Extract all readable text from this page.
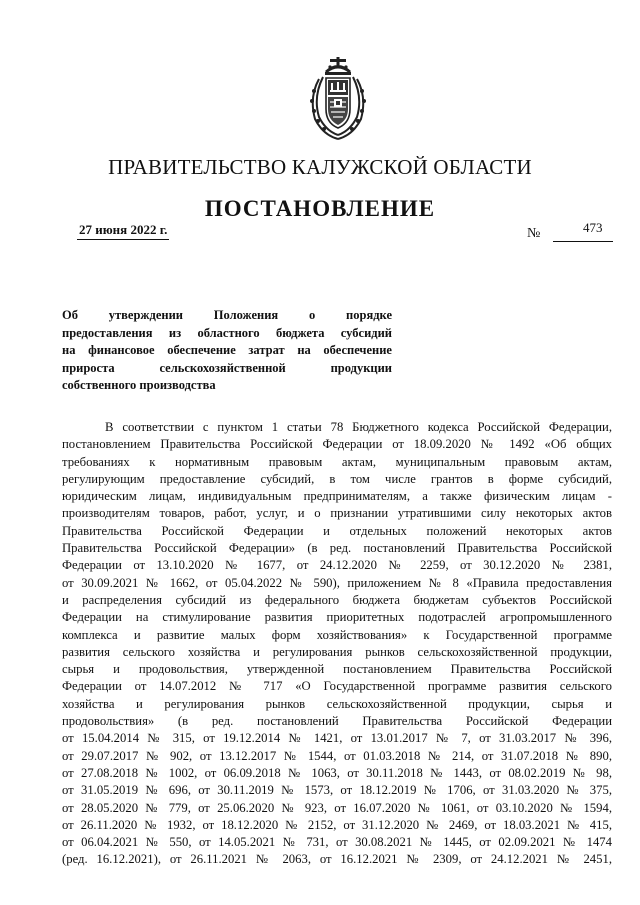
ПРАВИТЕЛЬСТВО КАЛУЖСКОЙ ОБЛАСТИ
ПОСТАНОВЛЕНИЕ
27 июня 2022 г.	№	473
Об утверждении Положения о порядке
предоставления из областного бюджета субсидий
на финансовое обеспечение затрат на обеспечение
прироста сельскохозяйственной продукции
собственного производства
В соответствии с пунктом 1 статьи 78 Бюджетного кодекса Российской Федерации,
постановлением Правительства Российской Федерации от 18.09.2020 № 1492 «Об общих
требованиях к нормативным правовым актам, муниципальным правовым актам,
регулирующим предоставление субсидий, в том числе грантов в форме субсидий,
юридическим лицам, индивидуальным предпринимателям, а также физическим лицам -
производителям товаров, работ, услуг, и о признании утратившими силу некоторых актов
Правительства Российской Федерации и отдельных положений некоторых актов
Правительства Российской Федерации» (в ред. постановлений Правительства Российской
Федерации от 13.10.2020 № 1677, от 24.12.2020 № 2259, от 30.12.2020 № 2381,
от 30.09.2021 № 1662, от 05.04.2022 № 590), приложением № 8 «Правила предоставления
и распределения субсидий из федерального бюджета бюджетам субъектов Российской
Федерации на стимулирование развития приоритетных подотраслей агропромышленного
комплекса и развитие малых форм хозяйствования» к Государственной программе
развития сельского хозяйства и регулирования рынков сельскохозяйственной продукции,
сырья и продовольствия, утвержденной постановлением Правительства Российской
Федерации от 14.07.2012 № 717 «О Государственной программе развития сельского
хозяйства и регулирования рынков сельскохозяйственной продукции, сырья и
продовольствия» (в ред. постановлений Правительства Российской Федерации
от 15.04.2014 № 315, от 19.12.2014 № 1421, от 13.01.2017 № 7, от 31.03.2017 № 396,
от 29.07.2017 № 902, от 13.12.2017 № 1544, от 01.03.2018 № 214, от 31.07.2018 № 890,
от 27.08.2018 № 1002, от 06.09.2018 № 1063, от 30.11.2018 № 1443, от 08.02.2019 № 98,
от 31.05.2019 № 696, от 30.11.2019 № 1573, от 18.12.2019 № 1706, от 31.03.2020 № 375,
от 28.05.2020 № 779, от 25.06.2020 № 923, от 16.07.2020 № 1061, от 03.10.2020 № 1594,
от 26.11.2020 № 1932, от 18.12.2020 № 2152, от 31.12.2020 № 2469, от 18.03.2021 № 415,
от 06.04.2021 № 550, от 14.05.2021 № 731, от 30.08.2021 № 1445, от 02.09.2021 № 1474
(ред. 16.12.2021), от 26.11.2021 № 2063, от 16.12.2021 № 2309, от 24.12.2021 № 2451,
